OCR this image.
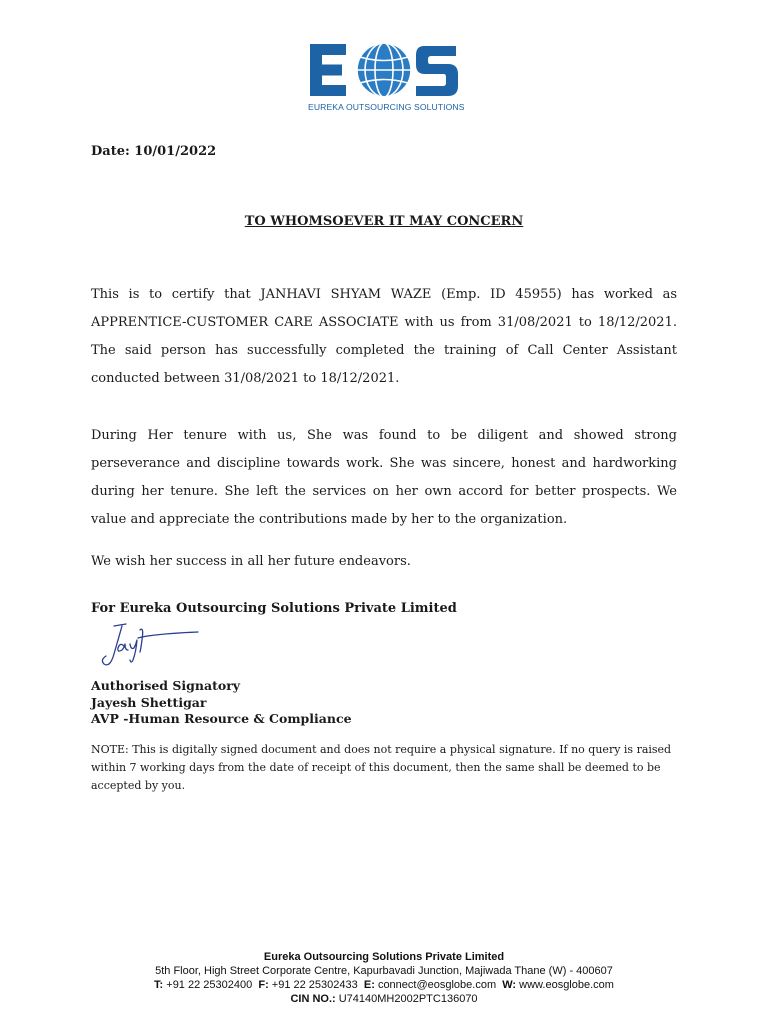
EUREKA OUTSOURCING SOLUTIONS
Date: 10/01/2022
TO WHOMSOEVER IT MAY CONCERN

This is to certify that JANHAVI SHYAM WAZE (Emp. ID 45955) has worked as APPRENTICE-CUSTOMER CARE ASSOCIATE with us from 31/08/2021 to 18/12/2021. The said person has successfully completed the training of Call Center Assistant conducted between 31/08/2021 to 18/12/2021.

During Her tenure with us, She was found to be diligent and showed strong perseverance and discipline towards work. She was sincere, honest and hardworking during her tenure. She left the services on her own accord for better prospects. We value and appreciate the contributions made by her to the organization.

We wish her success in all her future endeavors.

For Eureka Outsourcing Solutions Private Limited
Authorised Signatory
Jayesh Shettigar
AVP -Human Resource & Compliance

NOTE: This is digitally signed document and does not require a physical signature. If no query is raised within 7 working days from the date of receipt of this document, then the same shall be deemed to be accepted by you.

Eureka Outsourcing Solutions Private Limited
5th Floor, High Street Corporate Centre, Kapurbavadi Junction, Majiwada Thane (W) - 400607
T: +91 22 25302400 F: +91 22 25302433 E: connect@eosglobe.com W: www.eosglobe.com
CIN NO.: U74140MH2002PTC136070
